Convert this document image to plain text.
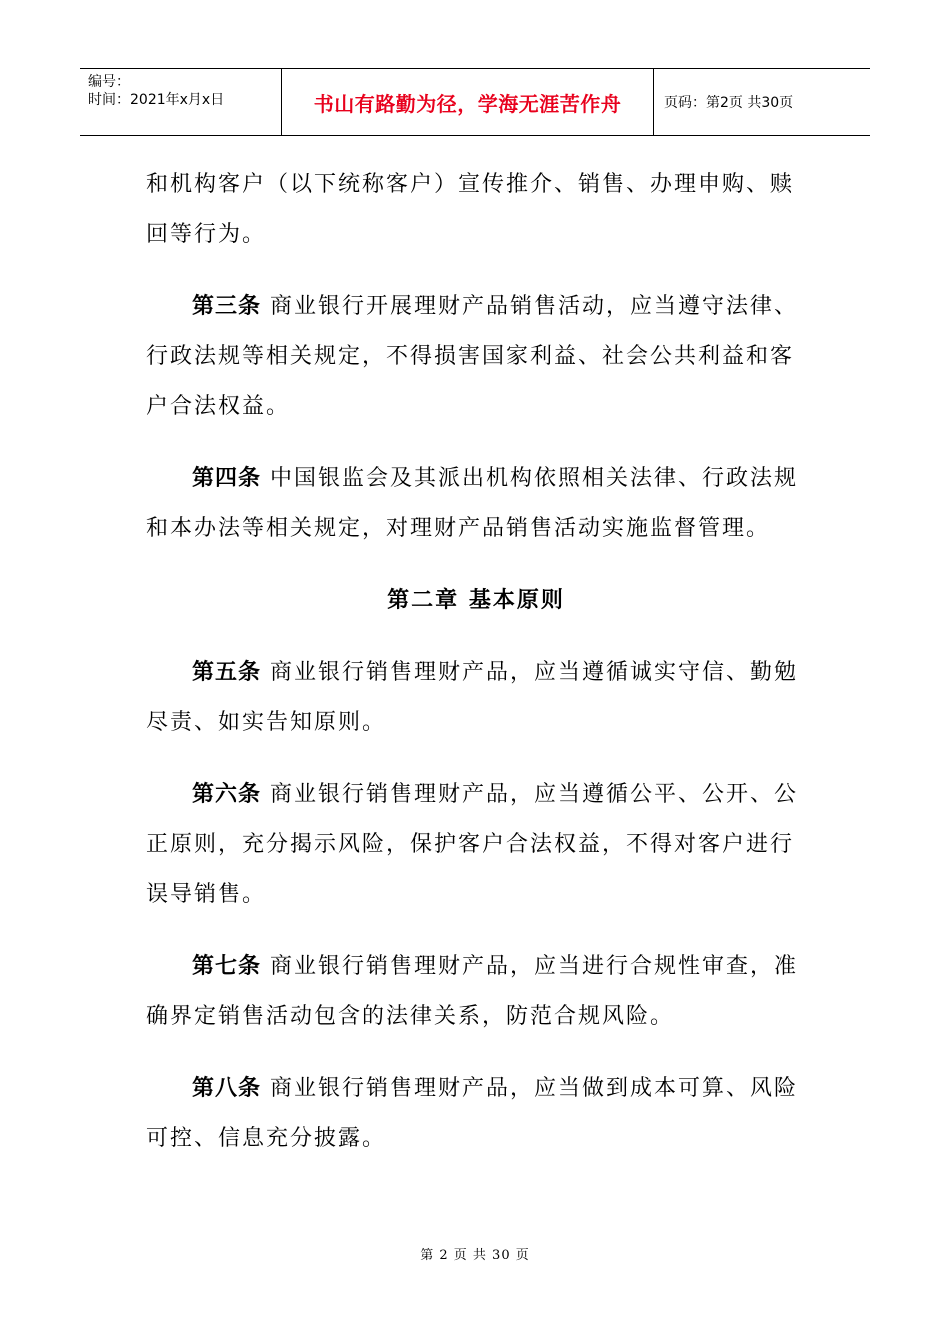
编号：
时间：2021年x月x日	书山有路勤为径，学海无涯苦作舟	页码：第2页 共30页

和机构客户（以下统称客户）宣传推介、销售、办理申购、赎回等行为。

第三条 商业银行开展理财产品销售活动，应当遵守法律、行政法规等相关规定，不得损害国家利益、社会公共利益和客户合法权益。

第四条 中国银监会及其派出机构依照相关法律、行政法规和本办法等相关规定，对理财产品销售活动实施监督管理。

第二章 基本原则

第五条 商业银行销售理财产品，应当遵循诚实守信、勤勉尽责、如实告知原则。

第六条 商业银行销售理财产品，应当遵循公平、公开、公正原则，充分揭示风险，保护客户合法权益，不得对客户进行误导销售。

第七条 商业银行销售理财产品，应当进行合规性审查，准确界定销售活动包含的法律关系，防范合规风险。

第八条 商业银行销售理财产品，应当做到成本可算、风险可控、信息充分披露。

第 2 页 共 30 页
